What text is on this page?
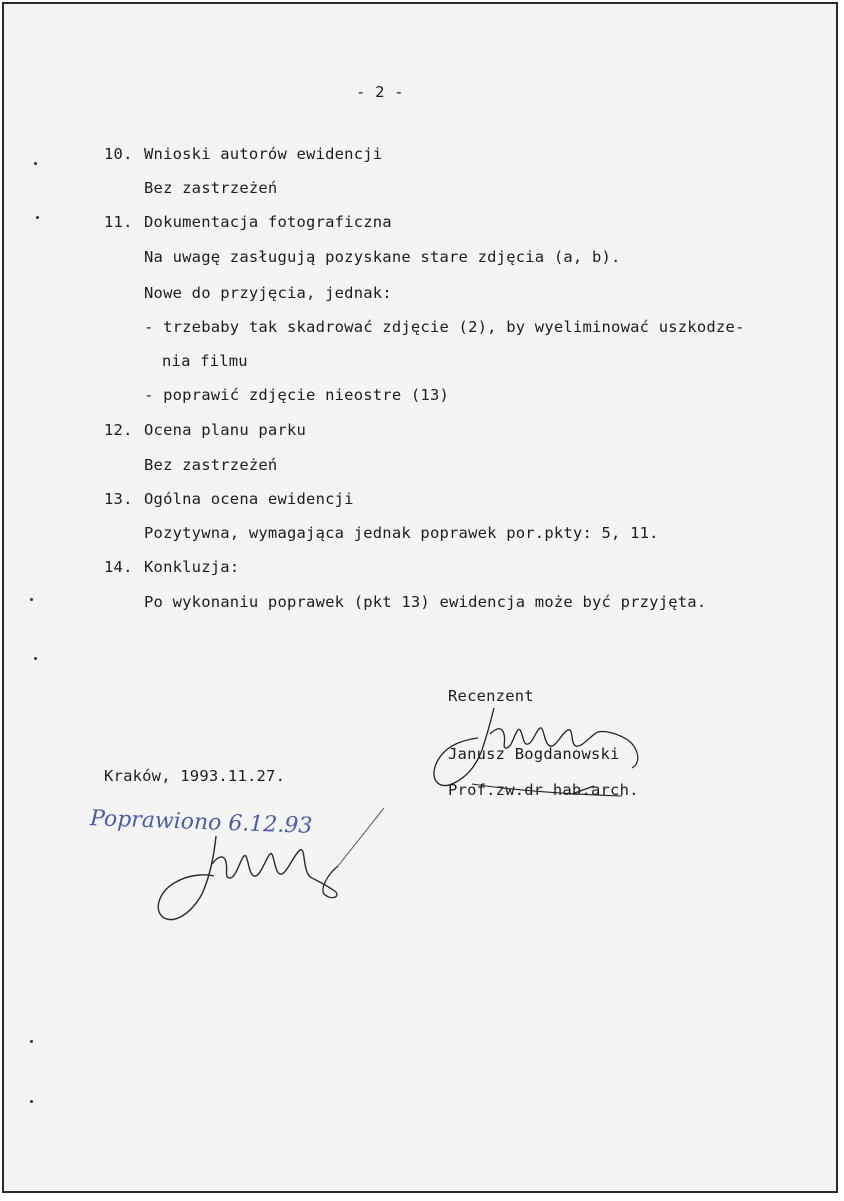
- 2 -
10. Wnioski autorów ewidencji
Bez zastrzeżeń
11. Dokumentacja fotograficzna
Na uwagę zasługują pozyskane stare zdjęcia (a, b).
Nowe do przyjęcia, jednak:
- trzebaby tak skadrować zdjęcie (2), by wyeliminować uszkodze-
nia filmu
- poprawić zdjęcie nieostre (13)
12. Ocena planu parku
Bez zastrzeżeń
13. Ogólna ocena ewidencji
Pozytywna, wymagająca jednak poprawek por.pkty: 5, 11.
14. Konkluzja:
Po wykonaniu poprawek (pkt 13) ewidencja może być przyjęta.
Recenzent
Janusz Bogdanowski
Prof.zw.dr hab.arch.
Kraków, 1993.11.27.
Poprawiono 6.12.93
